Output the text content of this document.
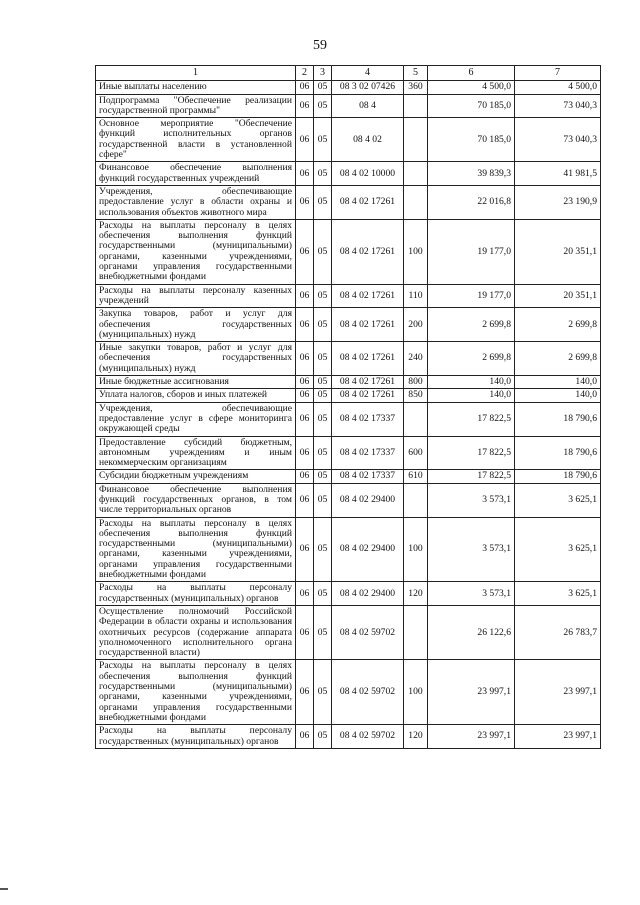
59
1	2	3	4	5	6	7
Иные выплаты населению	06	05	08 3 02 07426	360	4 500,0	4 500,0
Подпрограмма "Обеспечение реализации государственной программы"	06	05	08 4		70 185,0	73 040,3
Основное мероприятие "Обеспечение функций исполнительных органов государственной власти в установленной сфере"	06	05	08 4 02		70 185,0	73 040,3
Финансовое обеспечение выполнения функций государственных учреждений	06	05	08 4 02 10000		39 839,3	41 981,5
Учреждения, обеспечивающие предоставление услуг в области охраны и использования объектов животного мира	06	05	08 4 02 17261		22 016,8	23 190,9
Расходы на выплаты персоналу в целях обеспечения выполнения функций государственными (муниципальными) органами, казенными учреждениями, органами управления государственными внебюджетными фондами	06	05	08 4 02 17261	100	19 177,0	20 351,1
Расходы на выплаты персоналу казенных учреждений	06	05	08 4 02 17261	110	19 177,0	20 351,1
Закупка товаров, работ и услуг для обеспечения государственных (муниципальных) нужд	06	05	08 4 02 17261	200	2 699,8	2 699,8
Иные закупки товаров, работ и услуг для обеспечения государственных (муниципальных) нужд	06	05	08 4 02 17261	240	2 699,8	2 699,8
Иные бюджетные ассигнования	06	05	08 4 02 17261	800	140,0	140,0
Уплата налогов, сборов и иных платежей	06	05	08 4 02 17261	850	140,0	140,0
Учреждения, обеспечивающие предоставление услуг в сфере мониторинга окружающей среды	06	05	08 4 02 17337		17 822,5	18 790,6
Предоставление субсидий бюджетным, автономным учреждениям и иным некоммерческим организациям	06	05	08 4 02 17337	600	17 822,5	18 790,6
Субсидии бюджетным учреждениям	06	05	08 4 02 17337	610	17 822,5	18 790,6
Финансовое обеспечение выполнения функций государственных органов, в том числе территориальных органов	06	05	08 4 02 29400		3 573,1	3 625,1
Расходы на выплаты персоналу в целях обеспечения выполнения функций государственными (муниципальными) органами, казенными учреждениями, органами управления государственными внебюджетными фондами	06	05	08 4 02 29400	100	3 573,1	3 625,1
Расходы на выплаты персоналу государственных (муниципальных) органов	06	05	08 4 02 29400	120	3 573,1	3 625,1
Осуществление полномочий Российской Федерации в области охраны и использования охотничьих ресурсов (содержание аппарата уполномоченного исполнительного органа государственной власти)	06	05	08 4 02 59702		26 122,6	26 783,7
Расходы на выплаты персоналу в целях обеспечения выполнения функций государственными (муниципальными) органами, казенными учреждениями, органами управления государственными внебюджетными фондами	06	05	08 4 02 59702	100	23 997,1	23 997,1
Расходы на выплаты персоналу государственных (муниципальных) органов	06	05	08 4 02 59702	120	23 997,1	23 997,1
